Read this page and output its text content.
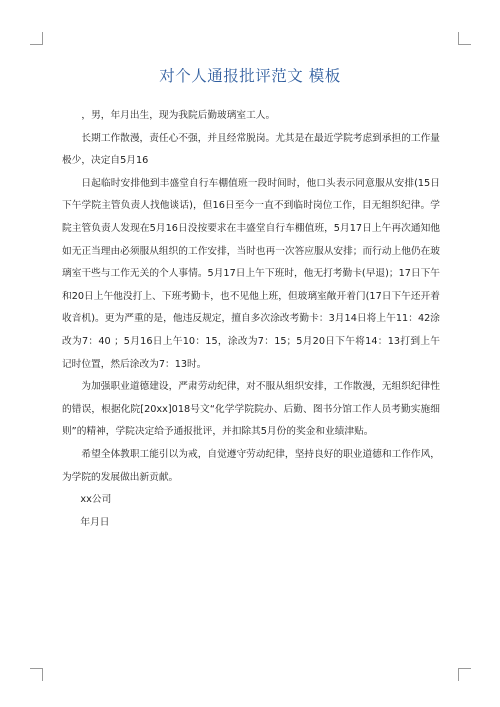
对个人通报批评范文 模板

，男，年月出生，现为我院后勤玻璃室工人。

长期工作散漫，责任心不强，并且经常脱岗。尤其是在最近学院考虑到承担的工作量极少，决定自5月16

日起临时安排他到丰盛堂自行车棚值班一段时间时，他口头表示同意服从安排(15日下午学院主管负责人找他谈话)，但16日至今一直不到临时岗位工作，目无组织纪律。学院主管负责人发现在5月16日没按要求在丰盛堂自行车棚值班，5月17日上午再次通知他如无正当理由必须服从组织的工作安排，当时也再一次答应服从安排；而行动上他仍在玻璃室干些与工作无关的个人事情。5月17日上午下班时，他无打考勤卡(早退)；17日下午和20日上午他没打上、下班考勤卡，也不见他上班，但玻璃室敞开着门(17日下午还开着收音机)。更为严重的是，他违反规定，擅自多次涂改考勤卡：3月14日将上午11：42涂改为7：40 ；5月16日上午10：15，涂改为7：15；5月20日下午将14：13打到上午记时位置，然后涂改为7：13时。

为加强职业道德建设，严肃劳动纪律，对不服从组织安排，工作散漫，无组织纪律性的错误，根据化院[20xx]018号文“化学学院院办、后勤、图书分馆工作人员考勤实施细则”的精神，学院决定给予通报批评，并扣除其5月份的奖金和业绩津贴。

希望全体教职工能引以为戒，自觉遵守劳动纪律，坚持良好的职业道德和工作作风，为学院的发展做出新贡献。

xx公司

年月日
